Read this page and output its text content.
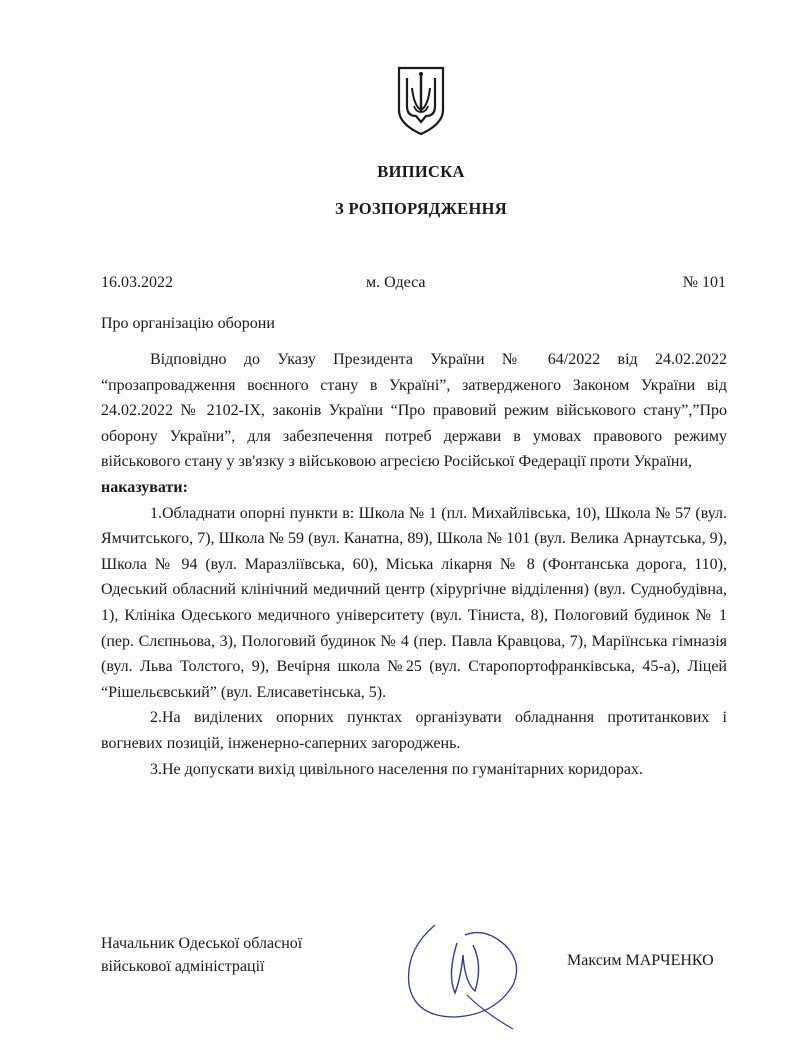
ВИПИСКА
З РОЗПОРЯДЖЕННЯ
16.03.2022	м. Одеса	№ 101
Про організацію оборони

Відповідно до Указу Президента України № 64/2022 від 24.02.2022 “прозапровадження воєнного стану в Україні”, затвердженого Законом України від 24.02.2022 № 2102-IX, законів України “Про правовий режим військового стану”,”Про оборону України”, для забезпечення потреб держави в умовах правового режиму військового стану у зв'язку з військовою агресією Російської Федерації проти України,

наказувати:

1.Обладнати опорні пункти в: Школа № 1 (пл. Михайлівська, 10), Школа № 57 (вул. Ямчитського, 7), Школа № 59 (вул. Канатна, 89), Школа № 101 (вул. Велика Арнаутська, 9), Школа № 94 (вул. Маразліївська, 60), Міська лікарня № 8 (Фонтанська дорога, 110), Одеський обласний клінічний медичний центр (хірургічне відділення) (вул. Суднобудівна, 1), Клініка Одеського медичного університету (вул. Тіниста, 8), Пологовий будинок № 1 (пер. Слєпньова, 3), Пологовий будинок № 4 (пер. Павла Кравцова, 7), Маріїнська гімназія (вул. Льва Толстого, 9), Вечірня школа №25 (вул. Старопортофранківська, 45-а), Ліцей “Рішельєвський” (вул. Елисаветінська, 5).

2.На виділених опорних пунктах організувати обладнання протитанкових і вогневих позицій, інженерно-саперних загороджень.

3.Не допускати вихід цивільного населення по гуманітарних коридорах.

Начальник Одеської обласної
військової адміністрації	Максим МАРЧЕНКО
